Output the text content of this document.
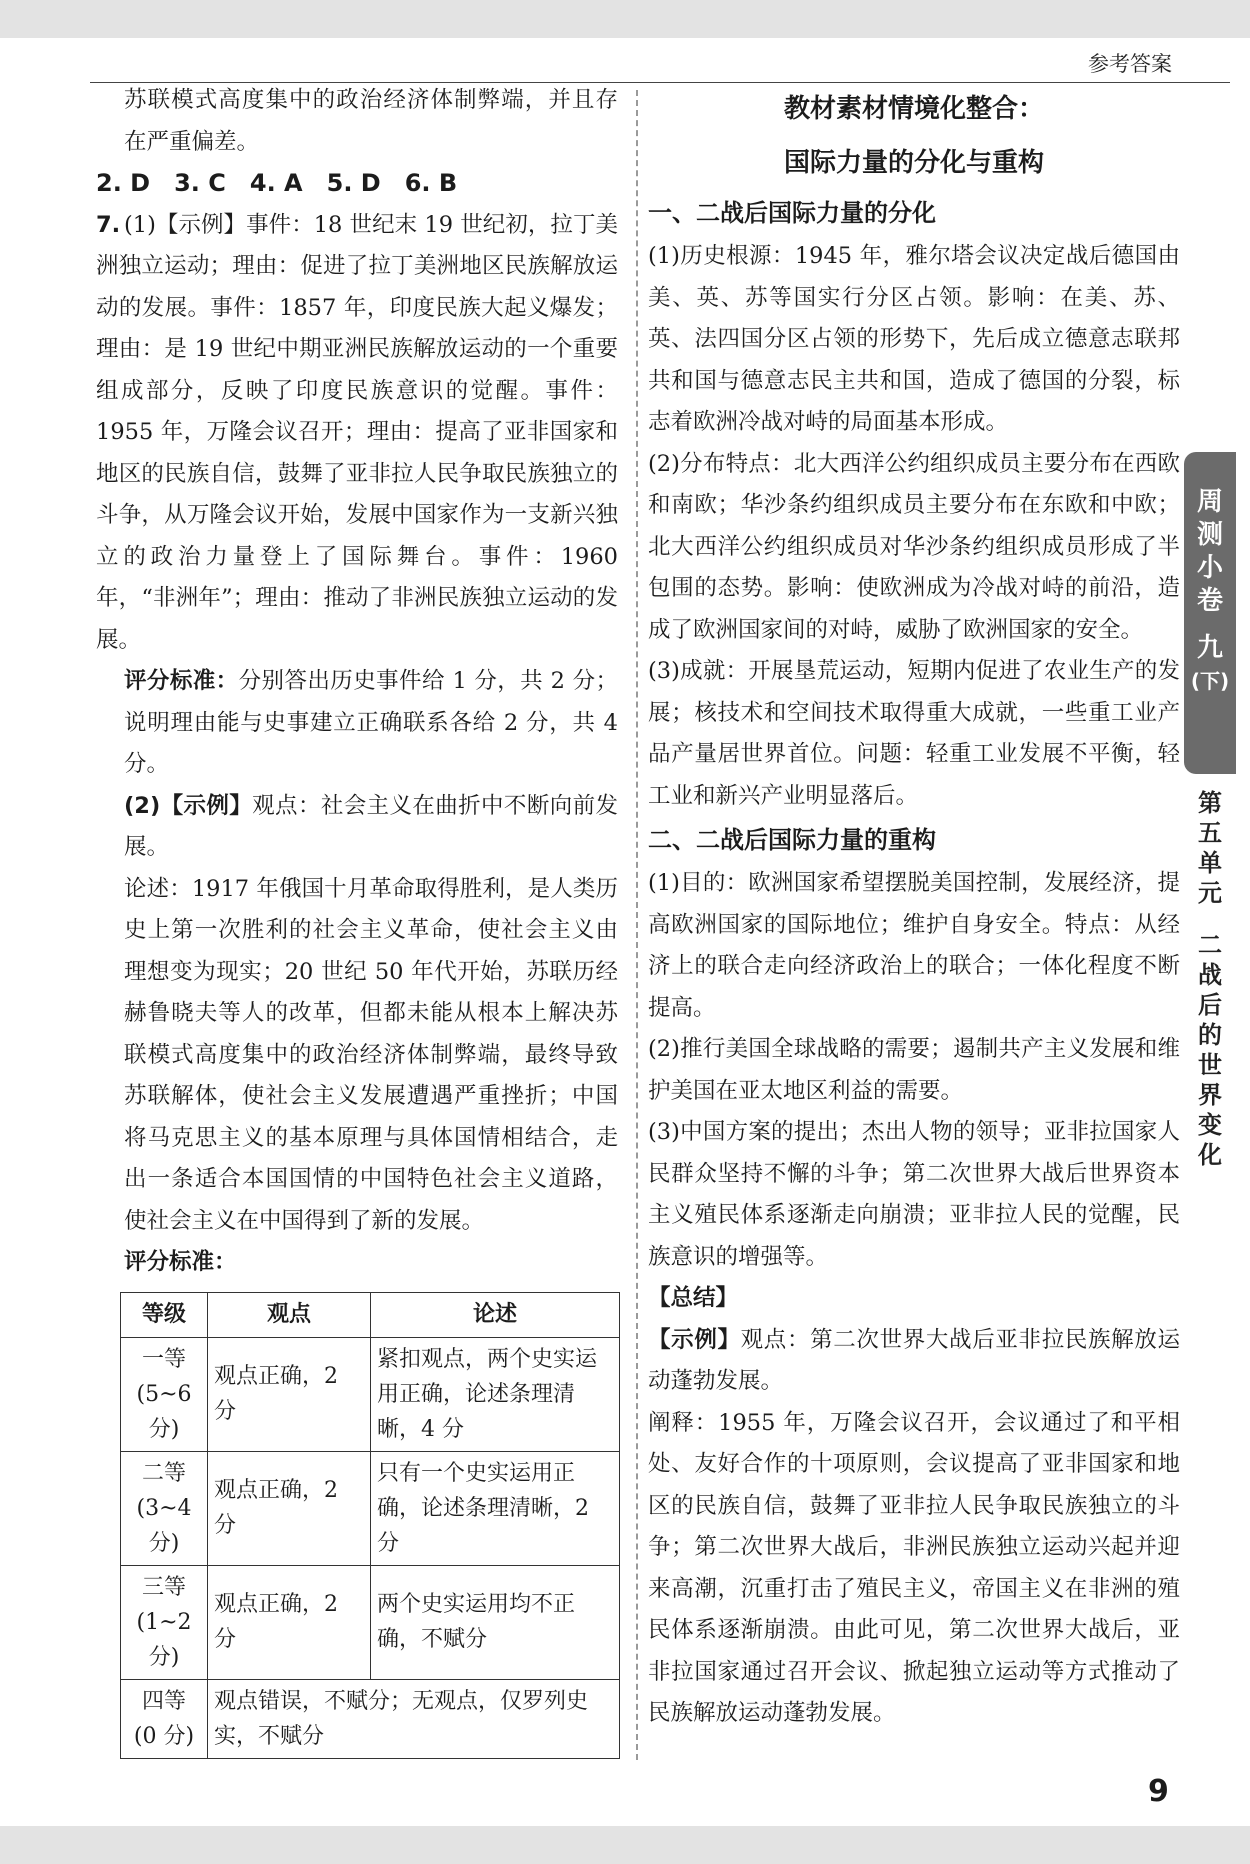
参考答案

苏联模式高度集中的政治经济体制弊端，并且存在严重偏差。

2. D　3. C　4. A　5. D　6. B

7. (1)【示例】事件：18 世纪末 19 世纪初，拉丁美洲独立运动；理由：促进了拉丁美洲地区民族解放运动的发展。事件：1857 年，印度民族大起义爆发；理由：是 19 世纪中期亚洲民族解放运动的一个重要组成部分，反映了印度民族意识的觉醒。事件：1955 年，万隆会议召开；理由：提高了亚非国家和地区的民族自信，鼓舞了亚非拉人民争取民族独立的斗争，从万隆会议开始，发展中国家作为一支新兴独立的政治力量登上了国际舞台。事件：1960 年，“非洲年”；理由：推动了非洲民族独立运动的发展。

评分标准：分别答出历史事件给 1 分，共 2 分；说明理由能与史事建立正确联系各给 2 分，共 4 分。

(2)【示例】观点：社会主义在曲折中不断向前发展。

论述：1917 年俄国十月革命取得胜利，是人类历史上第一次胜利的社会主义革命，使社会主义由理想变为现实；20 世纪 50 年代开始，苏联历经赫鲁晓夫等人的改革，但都未能从根本上解决苏联模式高度集中的政治经济体制弊端，最终导致苏联解体，使社会主义发展遭遇严重挫折；中国将马克思主义的基本原理与具体国情相结合，走出一条适合本国国情的中国特色社会主义道路，使社会主义在中国得到了新的发展。

评分标准：

等级	观点	论述
一等
(5~6 分)	观点正确，2 分	紧扣观点，两个史实运用正确，论述条理清晰，4 分
二等
(3~4 分)	观点正确，2 分	只有一个史实运用正确，论述条理清晰，2 分
三等
(1~2 分)	观点正确，2 分	两个史实运用均不正确，不赋分
四等
(0 分)	观点错误，不赋分；无观点，仅罗列史实，不赋分	

教材素材情境化整合：

国际力量的分化与重构

一、二战后国际力量的分化

(1)历史根源：1945 年，雅尔塔会议决定战后德国由美、英、苏等国实行分区占领。影响：在美、苏、英、法四国分区占领的形势下，先后成立德意志联邦共和国与德意志民主共和国，造成了德国的分裂，标志着欧洲冷战对峙的局面基本形成。

(2)分布特点：北大西洋公约组织成员主要分布在西欧和南欧；华沙条约组织成员主要分布在东欧和中欧；北大西洋公约组织成员对华沙条约组织成员形成了半包围的态势。影响：使欧洲成为冷战对峙的前沿，造成了欧洲国家间的对峙，威胁了欧洲国家的安全。

(3)成就：开展垦荒运动，短期内促进了农业生产的发展；核技术和空间技术取得重大成就，一些重工业产品产量居世界首位。问题：轻重工业发展不平衡，轻工业和新兴产业明显落后。

二、二战后国际力量的重构

(1)目的：欧洲国家希望摆脱美国控制，发展经济，提高欧洲国家的国际地位；维护自身安全。特点：从经济上的联合走向经济政治上的联合；一体化程度不断提高。

(2)推行美国全球战略的需要；遏制共产主义发展和维护美国在亚太地区利益的需要。

(3)中国方案的提出；杰出人物的领导；亚非拉国家人民群众坚持不懈的斗争；第二次世界大战后世界资本主义殖民体系逐渐走向崩溃；亚非拉人民的觉醒，民族意识的增强等。

【总结】

【示例】观点：第二次世界大战后亚非拉民族解放运动蓬勃发展。

阐释：1955 年，万隆会议召开，会议通过了和平相处、友好合作的十项原则，会议提高了亚非国家和地区的民族自信，鼓舞了亚非拉人民争取民族独立的斗争；第二次世界大战后，非洲民族独立运动兴起并迎来高潮，沉重打击了殖民主义，帝国主义在非洲的殖民体系逐渐崩溃。由此可见，第二次世界大战后，亚非拉国家通过召开会议、掀起独立运动等方式推动了民族解放运动蓬勃发展。

周
测
小
卷
九
(下)
第
五
单
元
二
战
后
的
世
界
变
化
9
